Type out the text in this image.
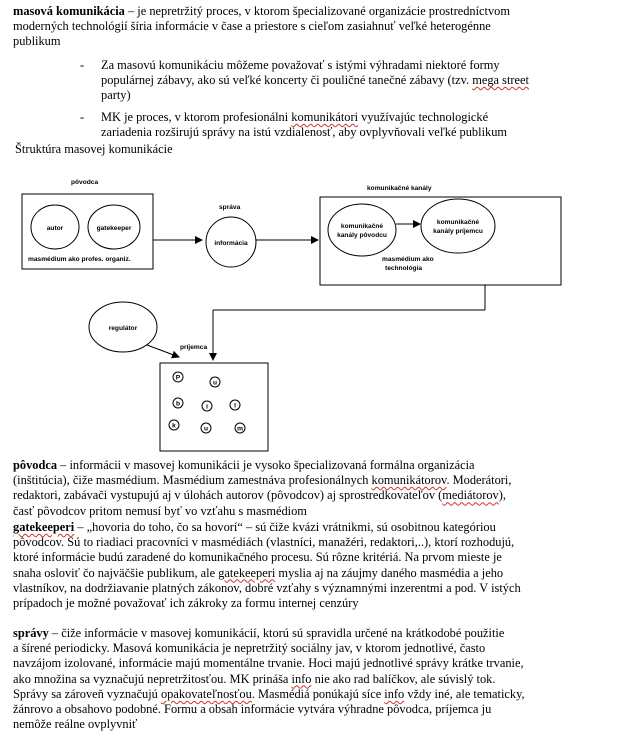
masová komunikácia – je nepretržitý proces, v ktorom špecializované organizácie prostredníctvom
moderných technológií šíria informácie v čase a priestore s cieľom zasiahnuť veľké heterogénne
publikum
-	Za masovú komunikáciu môžeme považovať s istými výhradami niektoré formy
populárnej zábavy, ako sú veľké koncerty či pouličné tanečné zábavy (tzv. mega street
party)
-	MK je proces, v ktorom profesionálni komunikátori využívajúc technologické
zariadenia rozširujú správy na istú vzdialenosť, aby ovplyvňovali veľké publikum
Štruktúra masovej komunikácie
pôvodca
autor	gatekeeper
masmédium ako profes. organiz.
správa
informácia
komunikačné kanály
komunikačné
kanály pôvodcu
komunikačné
kanály príjemcu
masmédium ako
technológia
regulátor
príjemca
P
u
b	i	l
k	u	m
pôvodca – informácii v masovej komunikácii je vysoko špecializovaná formálna organizácia
(inštitúcia), čiže masmédium. Masmédium zamestnáva profesionálnych komunikátorov. Moderátori,
redaktori, zabávači vystupujú aj v úlohách autorov (pôvodcov) aj sprostredkovateľov (mediátorov),
časť pôvodcov pritom nemusí byť vo vzťahu s masmédiom
gatekeeperi – „hovoria do toho, čo sa hovorí“ – sú čiže kvázi vrátnikmi, sú osobitnou kategóriou
pôvodcov. Sú to riadiaci pracovníci v masmédiách (vlastníci, manažéri, redaktori,..), ktorí rozhodujú,
ktoré informácie budú zaradené do komunikačného procesu. Sú rôzne kritériá. Na prvom mieste je
snaha osloviť čo najväčšie publikum, ale gatekeeperi myslia aj na záujmy daného masmédia a jeho
vlastníkov, na dodržiavanie platných zákonov, dobré vzťahy s významnými inzerentmi a pod. V istých
prípadoch je možné považovať ich zákroky za formu internej cenzúry
správy – čiže informácie v masovej komunikácií, ktorú sú spravidla určené na krátkodobé použitie
a šírené periodicky. Masová komunikácia je nepretržitý sociálny jav, v ktorom jednotlivé, často
navzájom izolované, informácie majú momentálne trvanie. Hoci majú jednotlivé správy krátke trvanie,
ako množina sa vyznačujú nepretržitosťou. MK prináša info nie ako rad balíčkov, ale súvislý tok.
Správy sa zároveň vyznačujú opakovateľnosťou. Masmédiá ponúkajú síce info vždy iné, ale tematicky,
žánrovo a obsahovo podobné. Formu a obsah informácie vytvára výhradne pôvodca, príjemca ju
nemôže reálne ovplyvniť
